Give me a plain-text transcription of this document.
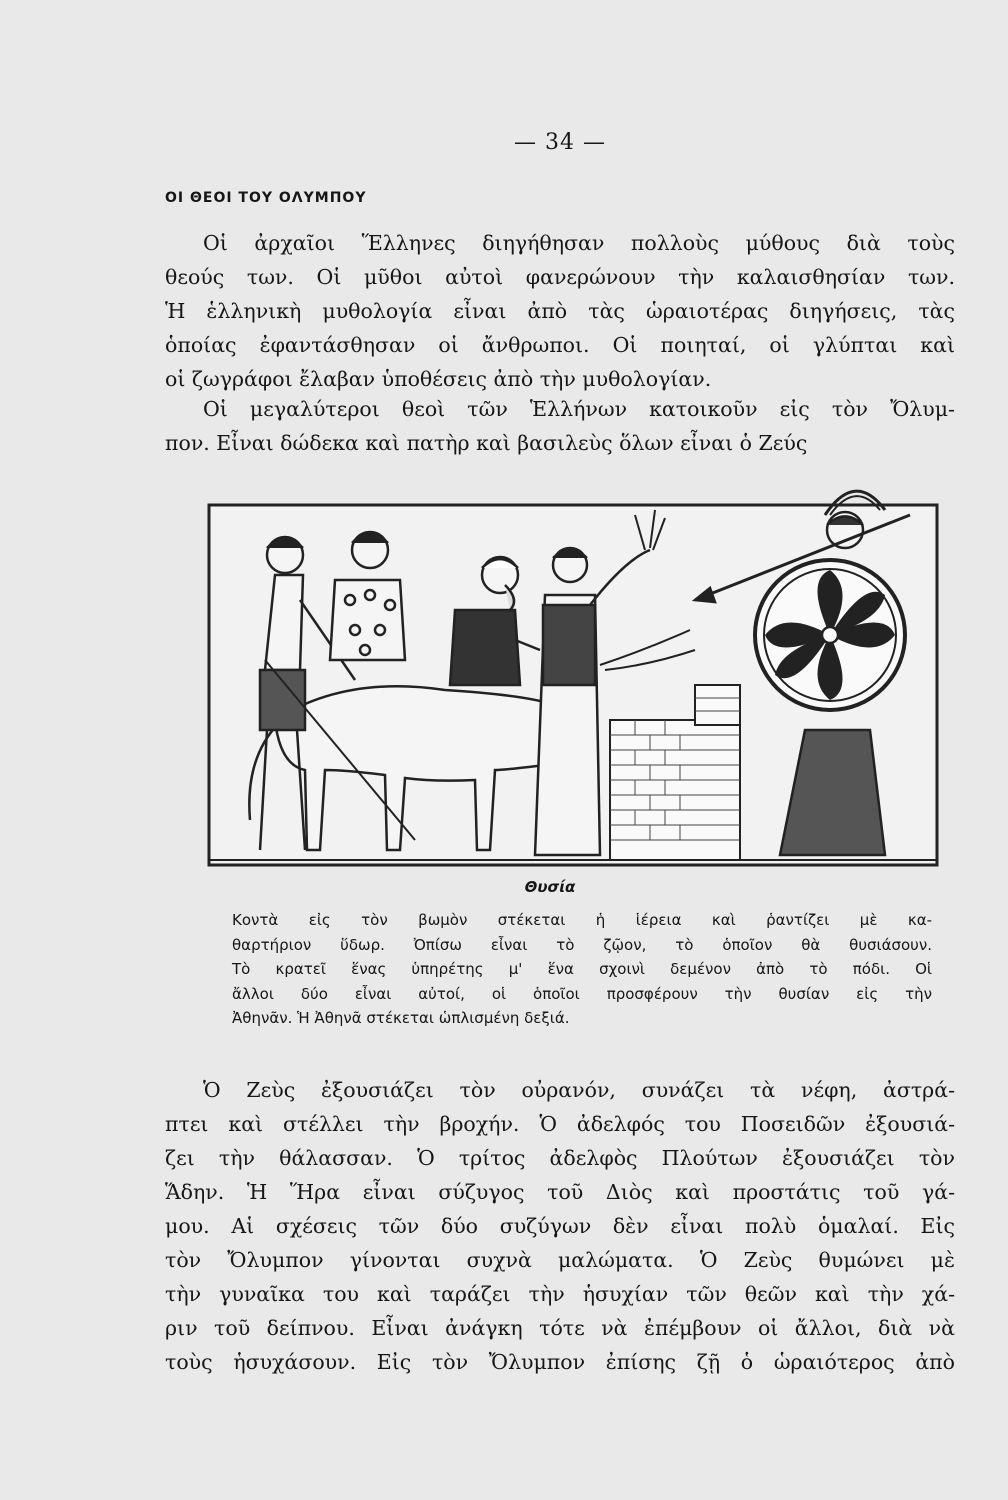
— 34 —
ΟΙ ΘΕΟΙ ΤΟΥ ΟΛΥΜΠΟΥ
Οἱ ἀρχαῖοι Ἕλληνες διηγήθησαν πολλοὺς μύθους διὰ τοὺς
θεούς των. Οἱ μῦθοι αὐτοὶ φανερώνουν τὴν καλαισθησίαν των.
Ἡ ἑλληνικὴ μυθολογία εἶναι ἀπὸ τὰς ὡραιοτέρας διηγήσεις, τὰς
ὁποίας ἐφαντάσθησαν οἱ ἄνθρωποι. Οἱ ποιηταί, οἱ γλύπται καὶ
οἱ ζωγράφοι ἔλαβαν ὑποθέσεις ἀπὸ τὴν μυθολογίαν.
Οἱ μεγαλύτεροι θεοὶ τῶν Ἑλλήνων κατοικοῦν εἰς τὸν Ὄλυμ-
πον. Εἶναι δώδεκα καὶ πατὴρ καὶ βασιλεὺς ὅλων εἶναι ὁ Ζεύς
Θυσία
Κοντὰ εἰς τὸν βωμὸν στέκεται ἡ ἱέρεια καὶ ῥαντίζει μὲ κα-
θαρτήριον ὕδωρ. Ὀπίσω εἶναι τὸ ζῷον, τὸ ὁποῖον θὰ θυσιάσουν.
Τὸ κρατεῖ ἕνας ὑπηρέτης μ' ἕνα σχοινὶ δεμένον ἀπὸ τὸ πόδι. Οἱ
ἄλλοι δύο εἶναι αὐτοί, οἱ ὁποῖοι προσφέρουν τὴν θυσίαν εἰς τὴν
Ἀθηνᾶν. Ἡ Ἀθηνᾶ στέκεται ὡπλισμένη δεξιά.
Ὁ Ζεὺς ἐξουσιάζει τὸν οὐρανόν, συνάζει τὰ νέφη, ἀστρά-
πτει καὶ στέλλει τὴν βροχήν. Ὁ ἀδελφός του Ποσειδῶν ἐξουσιά-
ζει τὴν θάλασσαν. Ὁ τρίτος ἀδελφὸς Πλούτων ἐξουσιάζει τὸν
Ἅδην. Ἡ Ἥρα εἶναι σύζυγος τοῦ Διὸς καὶ προστάτις τοῦ γά-
μου. Αἱ σχέσεις τῶν δύο συζύγων δὲν εἶναι πολὺ ὁμαλαί. Εἰς
τὸν Ὄλυμπον γίνονται συχνὰ μαλώματα. Ὁ Ζεὺς θυμώνει μὲ
τὴν γυναῖκα του καὶ ταράζει τὴν ἡσυχίαν τῶν θεῶν καὶ τὴν χά-
ριν τοῦ δείπνου. Εἶναι ἀνάγκη τότε νὰ ἐπέμβουν οἱ ἄλλοι, διὰ νὰ
τοὺς ἡσυχάσουν. Εἰς τὸν Ὄλυμπον ἐπίσης ζῇ ὁ ὡραιότερος ἀπὸ
